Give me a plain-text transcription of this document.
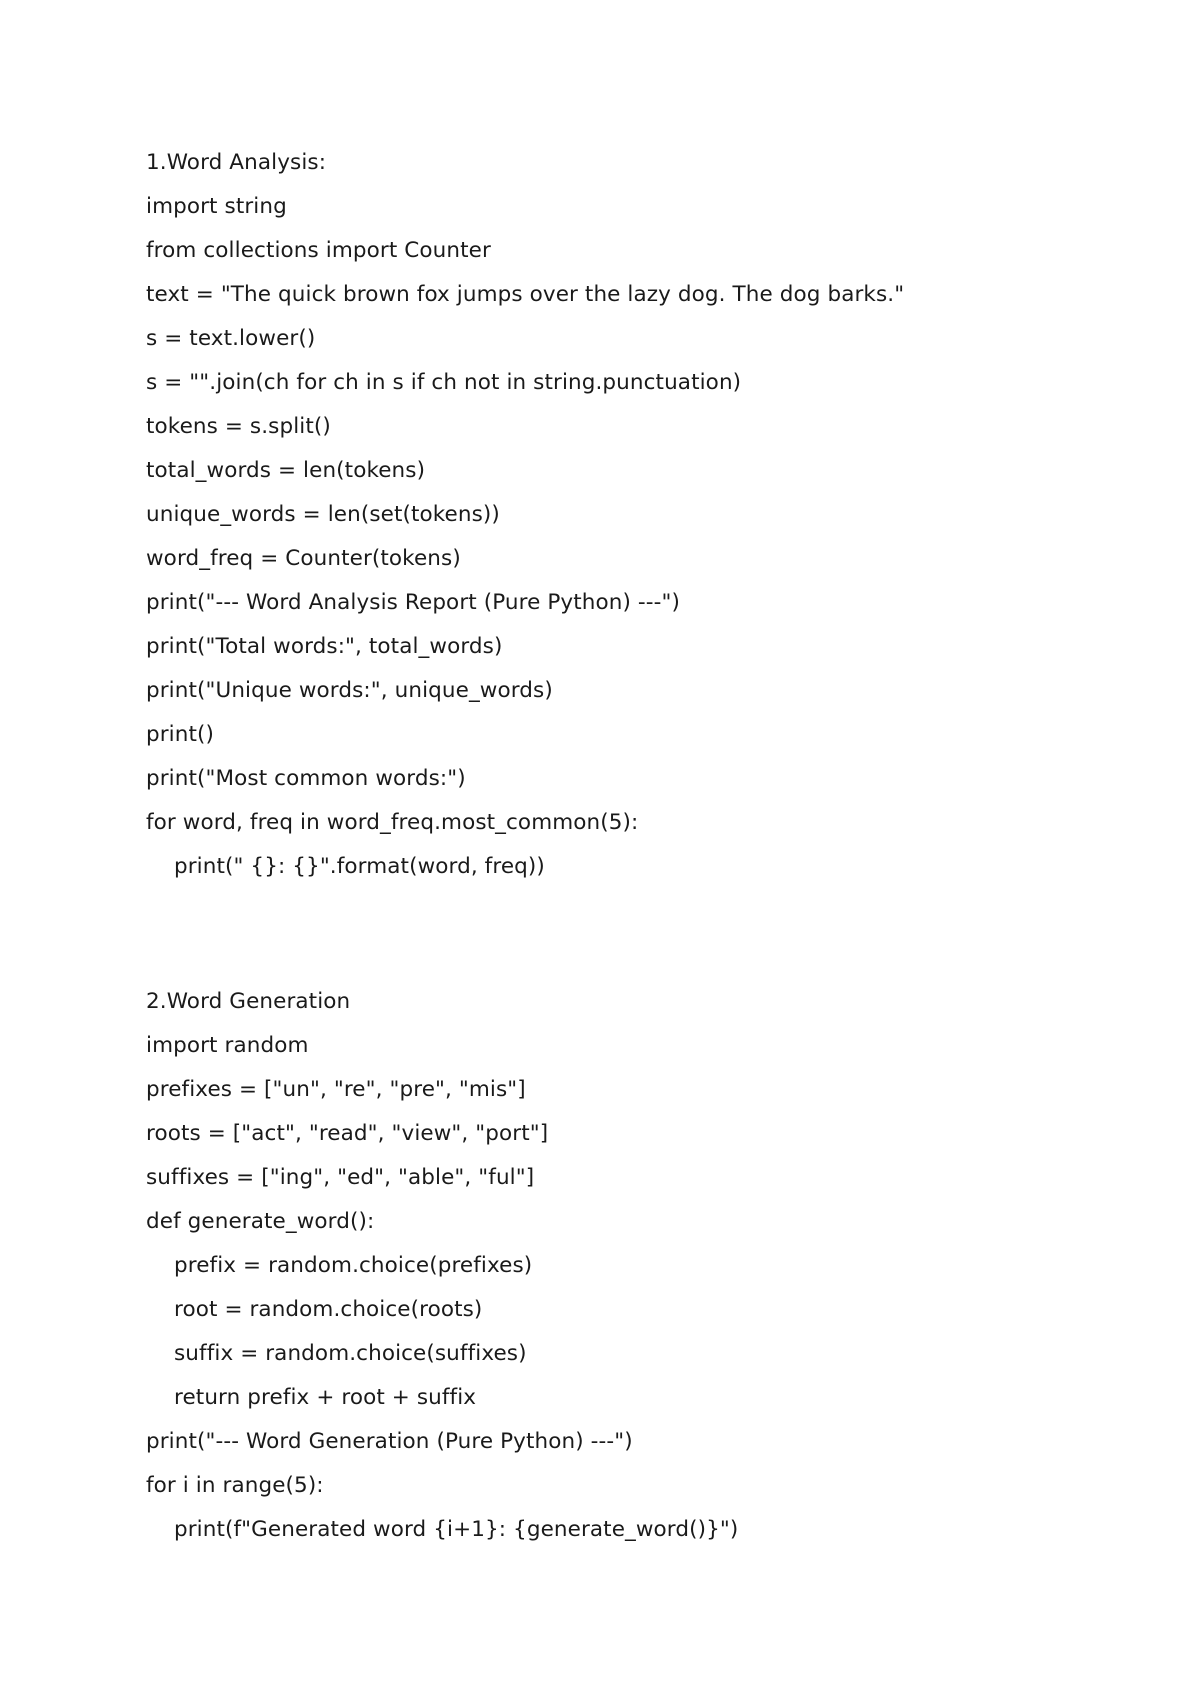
1.Word Analysis:
import string
from collections import Counter
text = "The quick brown fox jumps over the lazy dog. The dog barks."
s = text.lower()
s = "".join(ch for ch in s if ch not in string.punctuation)
tokens = s.split()
total_words = len(tokens)
unique_words = len(set(tokens))
word_freq = Counter(tokens)
print("--- Word Analysis Report (Pure Python) ---")
print("Total words:", total_words)
print("Unique words:", unique_words)
print()
print("Most common words:")
for word, freq in word_freq.most_common(5):
print(" {}: {}".format(word, freq))
2.Word Generation
import random
prefixes = ["un", "re", "pre", "mis"]
roots = ["act", "read", "view", "port"]
suffixes = ["ing", "ed", "able", "ful"]
def generate_word():
prefix = random.choice(prefixes)
root = random.choice(roots)
suffix = random.choice(suffixes)
return prefix + root + suffix
print("--- Word Generation (Pure Python) ---")
for i in range(5):
print(f"Generated word {i+1}: {generate_word()}")
